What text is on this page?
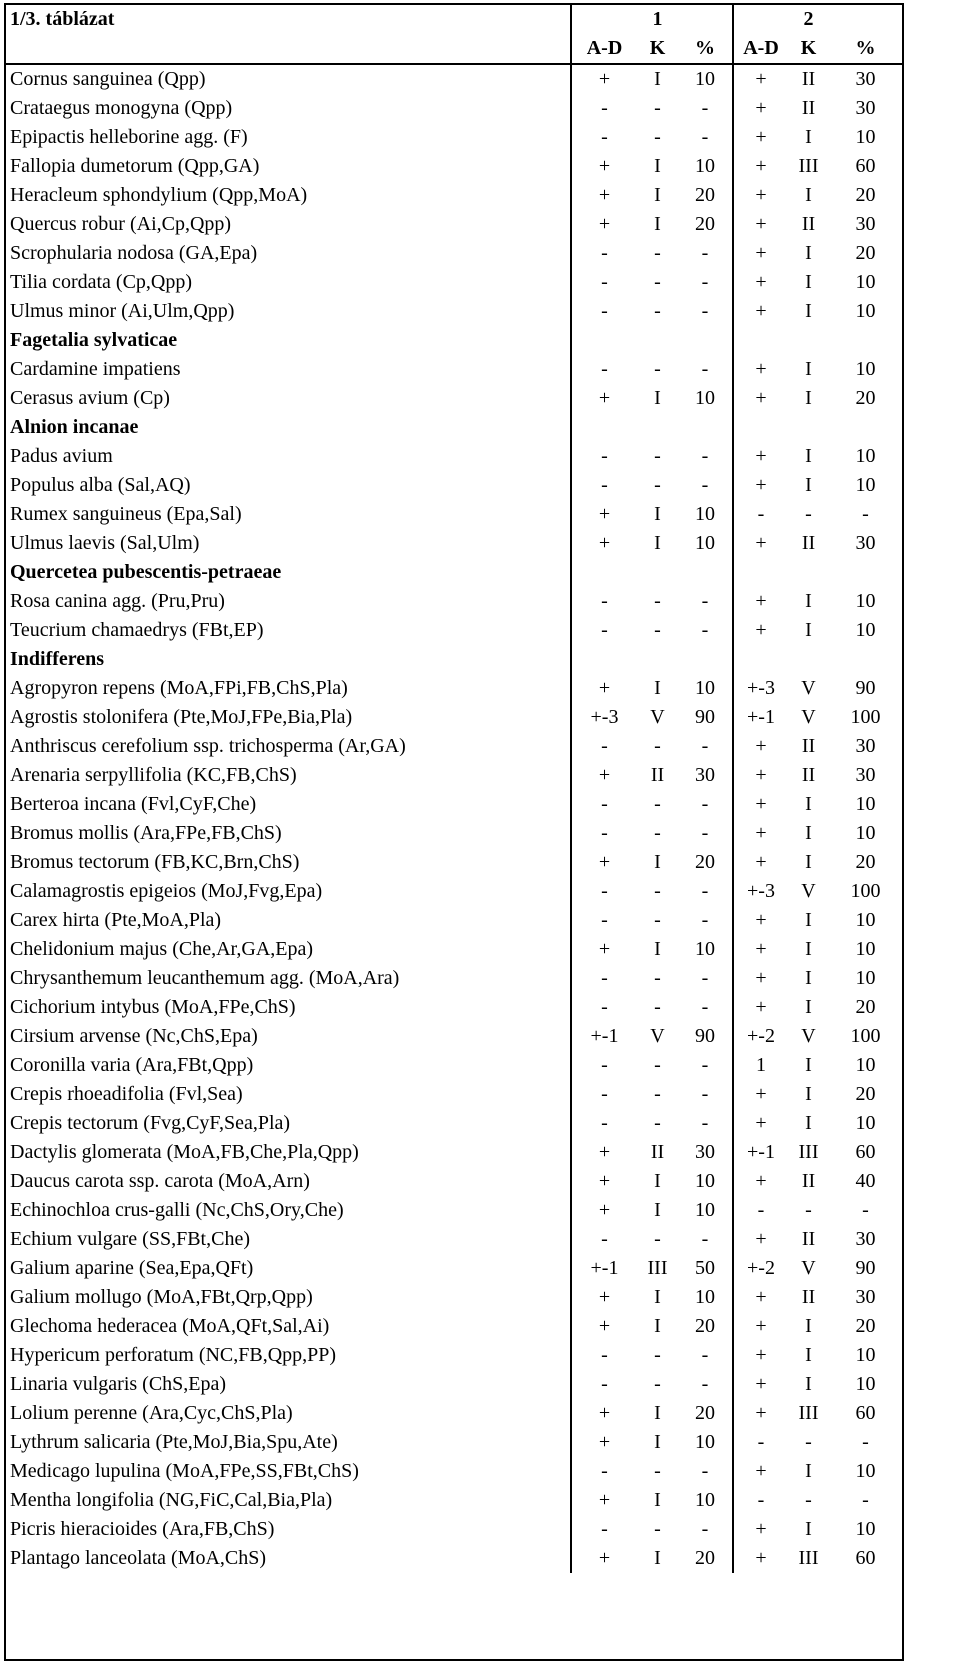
1/3. táblázat		1			2	
	A-D	K	%	A-D	K	%
Cornus sanguinea (Qpp)	+	I	10	+	II	30
Crataegus monogyna (Qpp)	-	-	-	+	II	30
Epipactis helleborine agg. (F)	-	-	-	+	I	10
Fallopia dumetorum (Qpp,GA)	+	I	10	+	III	60
Heracleum sphondylium (Qpp,MoA)	+	I	20	+	I	20
Quercus robur (Ai,Cp,Qpp)	+	I	20	+	II	30
Scrophularia nodosa (GA,Epa)	-	-	-	+	I	20
Tilia cordata (Cp,Qpp)	-	-	-	+	I	10
Ulmus minor (Ai,Ulm,Qpp)	-	-	-	+	I	10
Fagetalia sylvaticae						
Cardamine impatiens	-	-	-	+	I	10
Cerasus avium (Cp)	+	I	10	+	I	20
Alnion incanae						
Padus avium	-	-	-	+	I	10
Populus alba (Sal,AQ)	-	-	-	+	I	10
Rumex sanguineus (Epa,Sal)	+	I	10	-	-	-
Ulmus laevis (Sal,Ulm)	+	I	10	+	II	30
Quercetea pubescentis-petraeae						
Rosa canina agg. (Pru,Pru)	-	-	-	+	I	10
Teucrium chamaedrys (FBt,EP)	-	-	-	+	I	10
Indifferens						
Agropyron repens (MoA,FPi,FB,ChS,Pla)	+	I	10	+-3	V	90
Agrostis stolonifera (Pte,MoJ,FPe,Bia,Pla)	+-3	V	90	+-1	V	100
Anthriscus cerefolium ssp. trichosperma (Ar,GA)	-	-	-	+	II	30
Arenaria serpyllifolia (KC,FB,ChS)	+	II	30	+	II	30
Berteroa incana (Fvl,CyF,Che)	-	-	-	+	I	10
Bromus mollis (Ara,FPe,FB,ChS)	-	-	-	+	I	10
Bromus tectorum (FB,KC,Brn,ChS)	+	I	20	+	I	20
Calamagrostis epigeios (MoJ,Fvg,Epa)	-	-	-	+-3	V	100
Carex hirta (Pte,MoA,Pla)	-	-	-	+	I	10
Chelidonium majus (Che,Ar,GA,Epa)	+	I	10	+	I	10
Chrysanthemum leucanthemum agg. (MoA,Ara)	-	-	-	+	I	10
Cichorium intybus (MoA,FPe,ChS)	-	-	-	+	I	20
Cirsium arvense (Nc,ChS,Epa)	+-1	V	90	+-2	V	100
Coronilla varia (Ara,FBt,Qpp)	-	-	-	1	I	10
Crepis rhoeadifolia (Fvl,Sea)	-	-	-	+	I	20
Crepis tectorum (Fvg,CyF,Sea,Pla)	-	-	-	+	I	10
Dactylis glomerata (MoA,FB,Che,Pla,Qpp)	+	II	30	+-1	III	60
Daucus carota ssp. carota (MoA,Arn)	+	I	10	+	II	40
Echinochloa crus-galli (Nc,ChS,Ory,Che)	+	I	10	-	-	-
Echium vulgare (SS,FBt,Che)	-	-	-	+	II	30
Galium aparine (Sea,Epa,QFt)	+-1	III	50	+-2	V	90
Galium mollugo (MoA,FBt,Qrp,Qpp)	+	I	10	+	II	30
Glechoma hederacea (MoA,QFt,Sal,Ai)	+	I	20	+	I	20
Hypericum perforatum (NC,FB,Qpp,PP)	-	-	-	+	I	10
Linaria vulgaris (ChS,Epa)	-	-	-	+	I	10
Lolium perenne (Ara,Cyc,ChS,Pla)	+	I	20	+	III	60
Lythrum salicaria (Pte,MoJ,Bia,Spu,Ate)	+	I	10	-	-	-
Medicago lupulina (MoA,FPe,SS,FBt,ChS)	-	-	-	+	I	10
Mentha longifolia (NG,FiC,Cal,Bia,Pla)	+	I	10	-	-	-
Picris hieracioides (Ara,FB,ChS)	-	-	-	+	I	10
Plantago lanceolata (MoA,ChS)	+	I	20	+	III	60
